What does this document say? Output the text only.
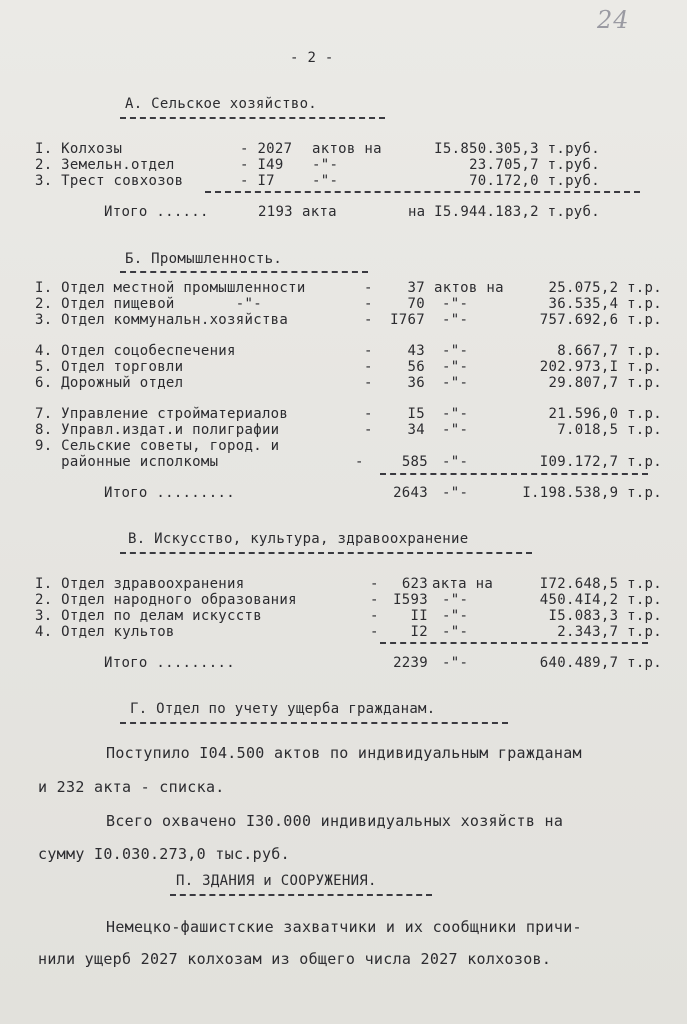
24
- 2 -
А. Сельское хозяйство.
I. Колхозы	- 2027 актов на	I5.850.305,3 т.руб.
2. Земельн.отдел	- I49 -"-	23.705,7 т.руб.
3. Трест совхозов	- I7	-"-	70.172,0 т.руб.
Итого ......	2193 акта	на I5.944.183,2 т.руб.
Б. Промышленность.
I. Отдел местной промышленности	- 37 актов на	25.075,2 т.р.
2. Отдел пищевой       -"-	- 70 -"-	36.535,4 т.р.
3. Отдел коммунальн.хозяйства	- I767 -"-	757.692,6 т.р.
4. Отдел соцобеспечения	- 43 -"-	8.667,7 т.р.
5. Отдел торговли	- 56 -"-	202.973,I т.р.
6. Дорожный отдел	- 36 -"-	29.807,7 т.р.
7. Управление стройматериалов	- I5 -"-	21.596,0 т.р.
8. Управл.издат.и полиграфии	- 34 -"-	7.018,5 т.р.
9. Сельские советы, город. и
районные исполкомы	-	585 -"-	I09.172,7 т.р.
Итого .........	2643 -"-	I.198.538,9 т.р.
В. Искусство, культура, здравоохранение
I. Отдел здравоохранения	- 623 акта на	I72.648,5 т.р.
2. Отдел народного образования	- I593 -"-	450.4I4,2 т.р.
3. Отдел по делам искусств	- II -"-	I5.083,3 т.р.
4. Отдел культов	- I2 -"-	2.343,7 т.р.
Итого .........	2239 -"-	640.489,7 т.р.
Г. Отдел по учету ущерба гражданам.
Поступило I04.500 актов по индивидуальным гражданам
и 232 акта - списка.
Всего охвачено I30.000 индивидуальных хозяйств на
сумму I0.030.273,0 тыс.руб.
П. ЗДАНИЯ и СООРУЖЕНИЯ.
Немецко-фашистские захватчики и их сообщники причи-
нили ущерб 2027 колхозам из общего числа 2027 колхозов.
